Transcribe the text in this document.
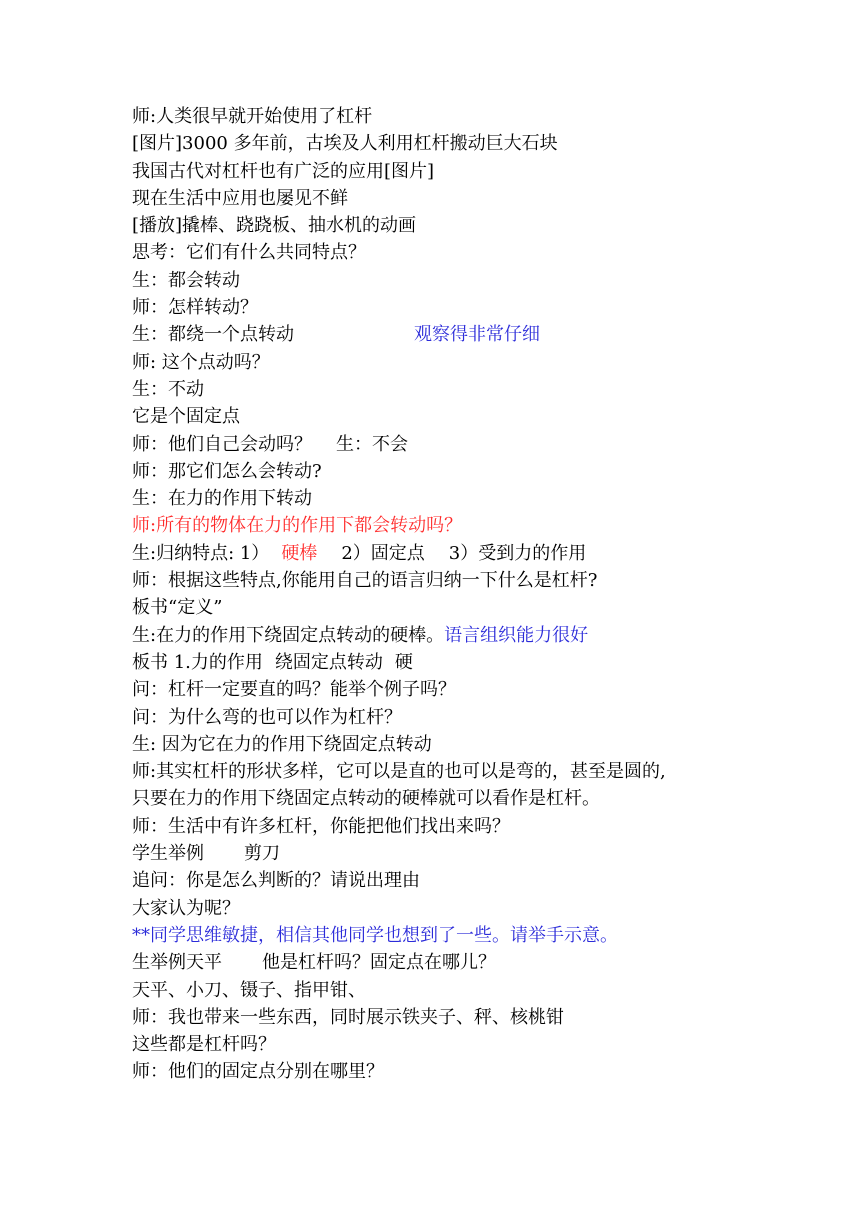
师:人类很早就开始使用了杠杆
[图片]3000 多年前，古埃及人利用杠杆搬动巨大石块
我国古代对杠杆也有广泛的应用[图片]
现在生活中应用也屡见不鲜
[播放]撬棒、跷跷板、抽水机的动画
思考：它们有什么共同特点？
生：都会转动
师：怎样转动？
生：都绕一个点转动	观察得非常仔细
师: 这个点动吗？
生：不动
它是个固定点
师：他们自己会动吗？ 生：不会
师：那它们怎么会转动?
生：在力的作用下转动
师:所有的物体在力的作用下都会转动吗？
生:归纳特点: 1） 硬棒 2）固定点 3）受到力的作用
师：根据这些特点,你能用自己的语言归纳一下什么是杠杆?
板书“定义”
生:在力的作用下绕固定点转动的硬棒。语言组织能力很好
板书 1.力的作用 绕固定点转动 硬
问：杠杆一定要直的吗？能举个例子吗？
问：为什么弯的也可以作为杠杆？
生: 因为它在力的作用下绕固定点转动
师:其实杠杆的形状多样，它可以是直的也可以是弯的，甚至是圆的,
只要在力的作用下绕固定点转动的硬棒就可以看作是杠杆。
师：生活中有许多杠杆，你能把他们找出来吗？
学生举例 剪刀
追问：你是怎么判断的？请说出理由
大家认为呢？
**同学思维敏捷，相信其他同学也想到了一些。请举手示意。
生举例天平 他是杠杆吗？固定点在哪儿？
天平、小刀、镊子、指甲钳、
师：我也带来一些东西，同时展示铁夹子、秤、核桃钳
这些都是杠杆吗？
师：他们的固定点分别在哪里？
